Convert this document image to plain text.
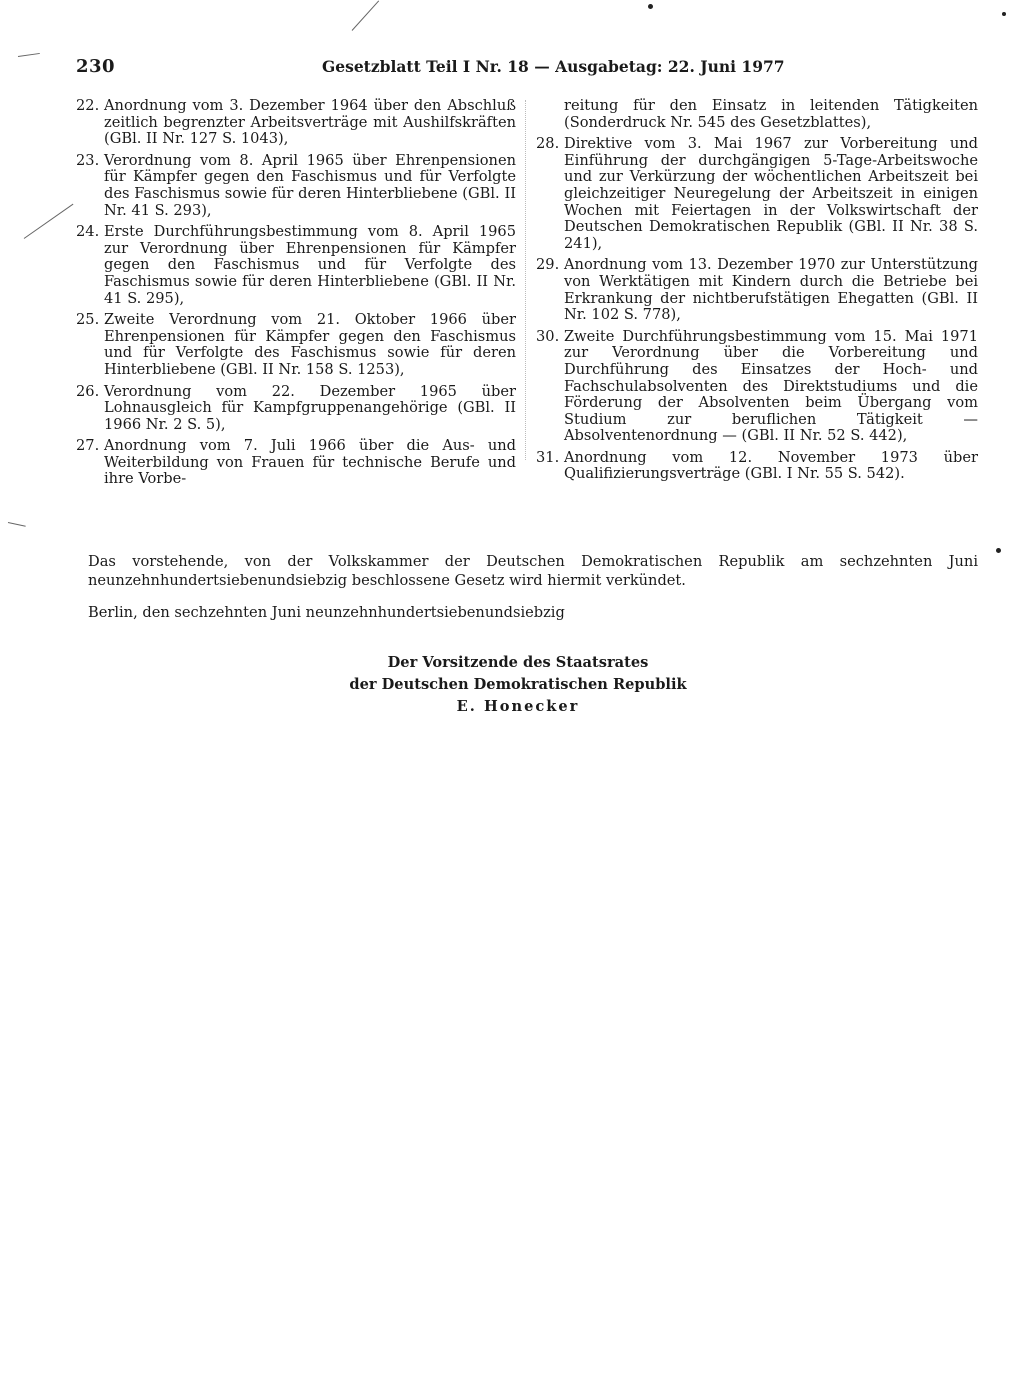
230	Gesetzblatt Teil I Nr. 18 — Ausgabetag: 22. Juni 1977
22. Anordnung vom 3. Dezember 1964 über den Abschluß zeitlich begrenzter Arbeitsverträge mit Aushilfskräften (GBl. II Nr. 127 S. 1043),
23. Verordnung vom 8. April 1965 über Ehrenpensionen für Kämpfer gegen den Faschismus und für Verfolgte des Faschismus sowie für deren Hinterbliebene (GBl. II Nr. 41 S. 293),
24. Erste Durchführungsbestimmung vom 8. April 1965 zur Verordnung über Ehrenpensionen für Kämpfer gegen den Faschismus und für Verfolgte des Faschismus sowie für deren Hinterbliebene (GBl. II Nr. 41 S. 295),
25. Zweite Verordnung vom 21. Oktober 1966 über Ehrenpensionen für Kämpfer gegen den Faschismus und für Verfolgte des Faschismus sowie für deren Hinterbliebene (GBl. II Nr. 158 S. 1253),
26. Verordnung vom 22. Dezember 1965 über Lohnausgleich für Kampfgruppenangehörige (GBl. II 1966 Nr. 2 S. 5),
27. Anordnung vom 7. Juli 1966 über die Aus- und Weiterbildung von Frauen für technische Berufe und ihre Vorbe-
reitung für den Einsatz in leitenden Tätigkeiten (Sonderdruck Nr. 545 des Gesetzblattes),
28. Direktive vom 3. Mai 1967 zur Vorbereitung und Einführung der durchgängigen 5-Tage-Arbeitswoche und zur Verkürzung der wöchentlichen Arbeitszeit bei gleichzeitiger Neuregelung der Arbeitszeit in einigen Wochen mit Feiertagen in der Volkswirtschaft der Deutschen Demokratischen Republik (GBl. II Nr. 38 S. 241),
29. Anordnung vom 13. Dezember 1970 zur Unterstützung von Werktätigen mit Kindern durch die Betriebe bei Erkrankung der nichtberufstätigen Ehegatten (GBl. II Nr. 102 S. 778),
30. Zweite Durchführungsbestimmung vom 15. Mai 1971 zur Verordnung über die Vorbereitung und Durchführung des Einsatzes der Hoch- und Fachschulabsolventen des Direktstudiums und die Förderung der Absolventen beim Übergang vom Studium zur beruflichen Tätigkeit — Absolventenordnung — (GBl. II Nr. 52 S. 442),
31. Anordnung vom 12. November 1973 über Qualifizierungsverträge (GBl. I Nr. 55 S. 542).
Das vorstehende, von der Volkskammer der Deutschen Demokratischen Republik am sechzehnten Juni neunzehnhundertsiebenundsiebzig beschlossene Gesetz wird hiermit verkündet.
Berlin, den sechzehnten Juni neunzehnhundertsiebenundsiebzig
Der Vorsitzende des Staatsrates
der Deutschen Demokratischen Republik
E. Honecker
